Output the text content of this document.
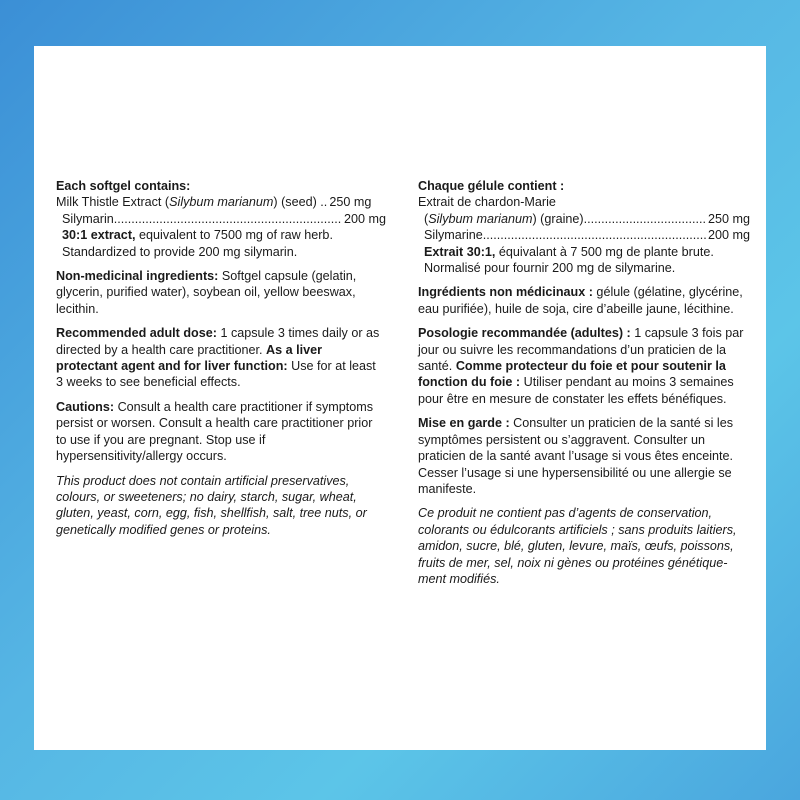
Each softgel contains:

Milk Thistle Extract (Silybum marianum) (seed) .. 250 mg
Silymarin .....	200 mg

30:1 extract, equivalent to 7500 mg of raw herb.

Standardized to provide 200 mg silymarin.

Non-medicinal ingredients: Softgel capsule (gelatin, glycerin, purified water), soybean oil, yellow beeswax, lecithin.

Recommended adult dose: 1 capsule 3 times daily or as directed by a health care practitioner. As a liver protectant agent and for liver function: Use for at least 3 weeks to see beneficial effects.

Cautions: Consult a health care practitioner if symptoms persist or worsen. Consult a health care practitioner prior to use if you are pregnant. Stop use if hypersensitivity/allergy occurs.

This product does not contain artificial preservatives, colours, or sweeteners; no dairy, starch, sugar, wheat, gluten, yeast, corn, egg, fish, shellfish, salt, tree nuts, or genetically modified genes or proteins.

Chaque gélule contient :

Extrait de chardon-Marie

(Silybum marianum) (graine) .....	250 mg
Silymarine .....	200 mg

Extrait 30:1, équivalant à 7 500 mg de plante brute.

Normalisé pour fournir 200 mg de silymarine.

Ingrédients non médicinaux : gélule (gélatine, glycérine, eau purifiée), huile de soja, cire d’abeille jaune, lécithine.

Posologie recommandée (adultes) : 1 capsule 3 fois par jour ou suivre les recommandations d’un praticien de la santé. Comme protecteur du foie et pour soutenir la fonction du foie : Utiliser pendant au moins 3 semaines pour être en mesure de constater les effets bénéfiques.

Mise en garde : Consulter un praticien de la santé si les symptômes persistent ou s’aggravent. Consulter un praticien de la santé avant l’usage si vous êtes enceinte. Cesser l’usage si une hypersensibilité ou une allergie se manifeste.

Ce produit ne contient pas d’agents de conservation, colorants ou édulcorants artificiels ; sans produits laitiers, amidon, sucre, blé, gluten, levure, maïs, œufs, poissons, fruits de mer, sel, noix ni gènes ou protéines génétique-ment modifiés.
